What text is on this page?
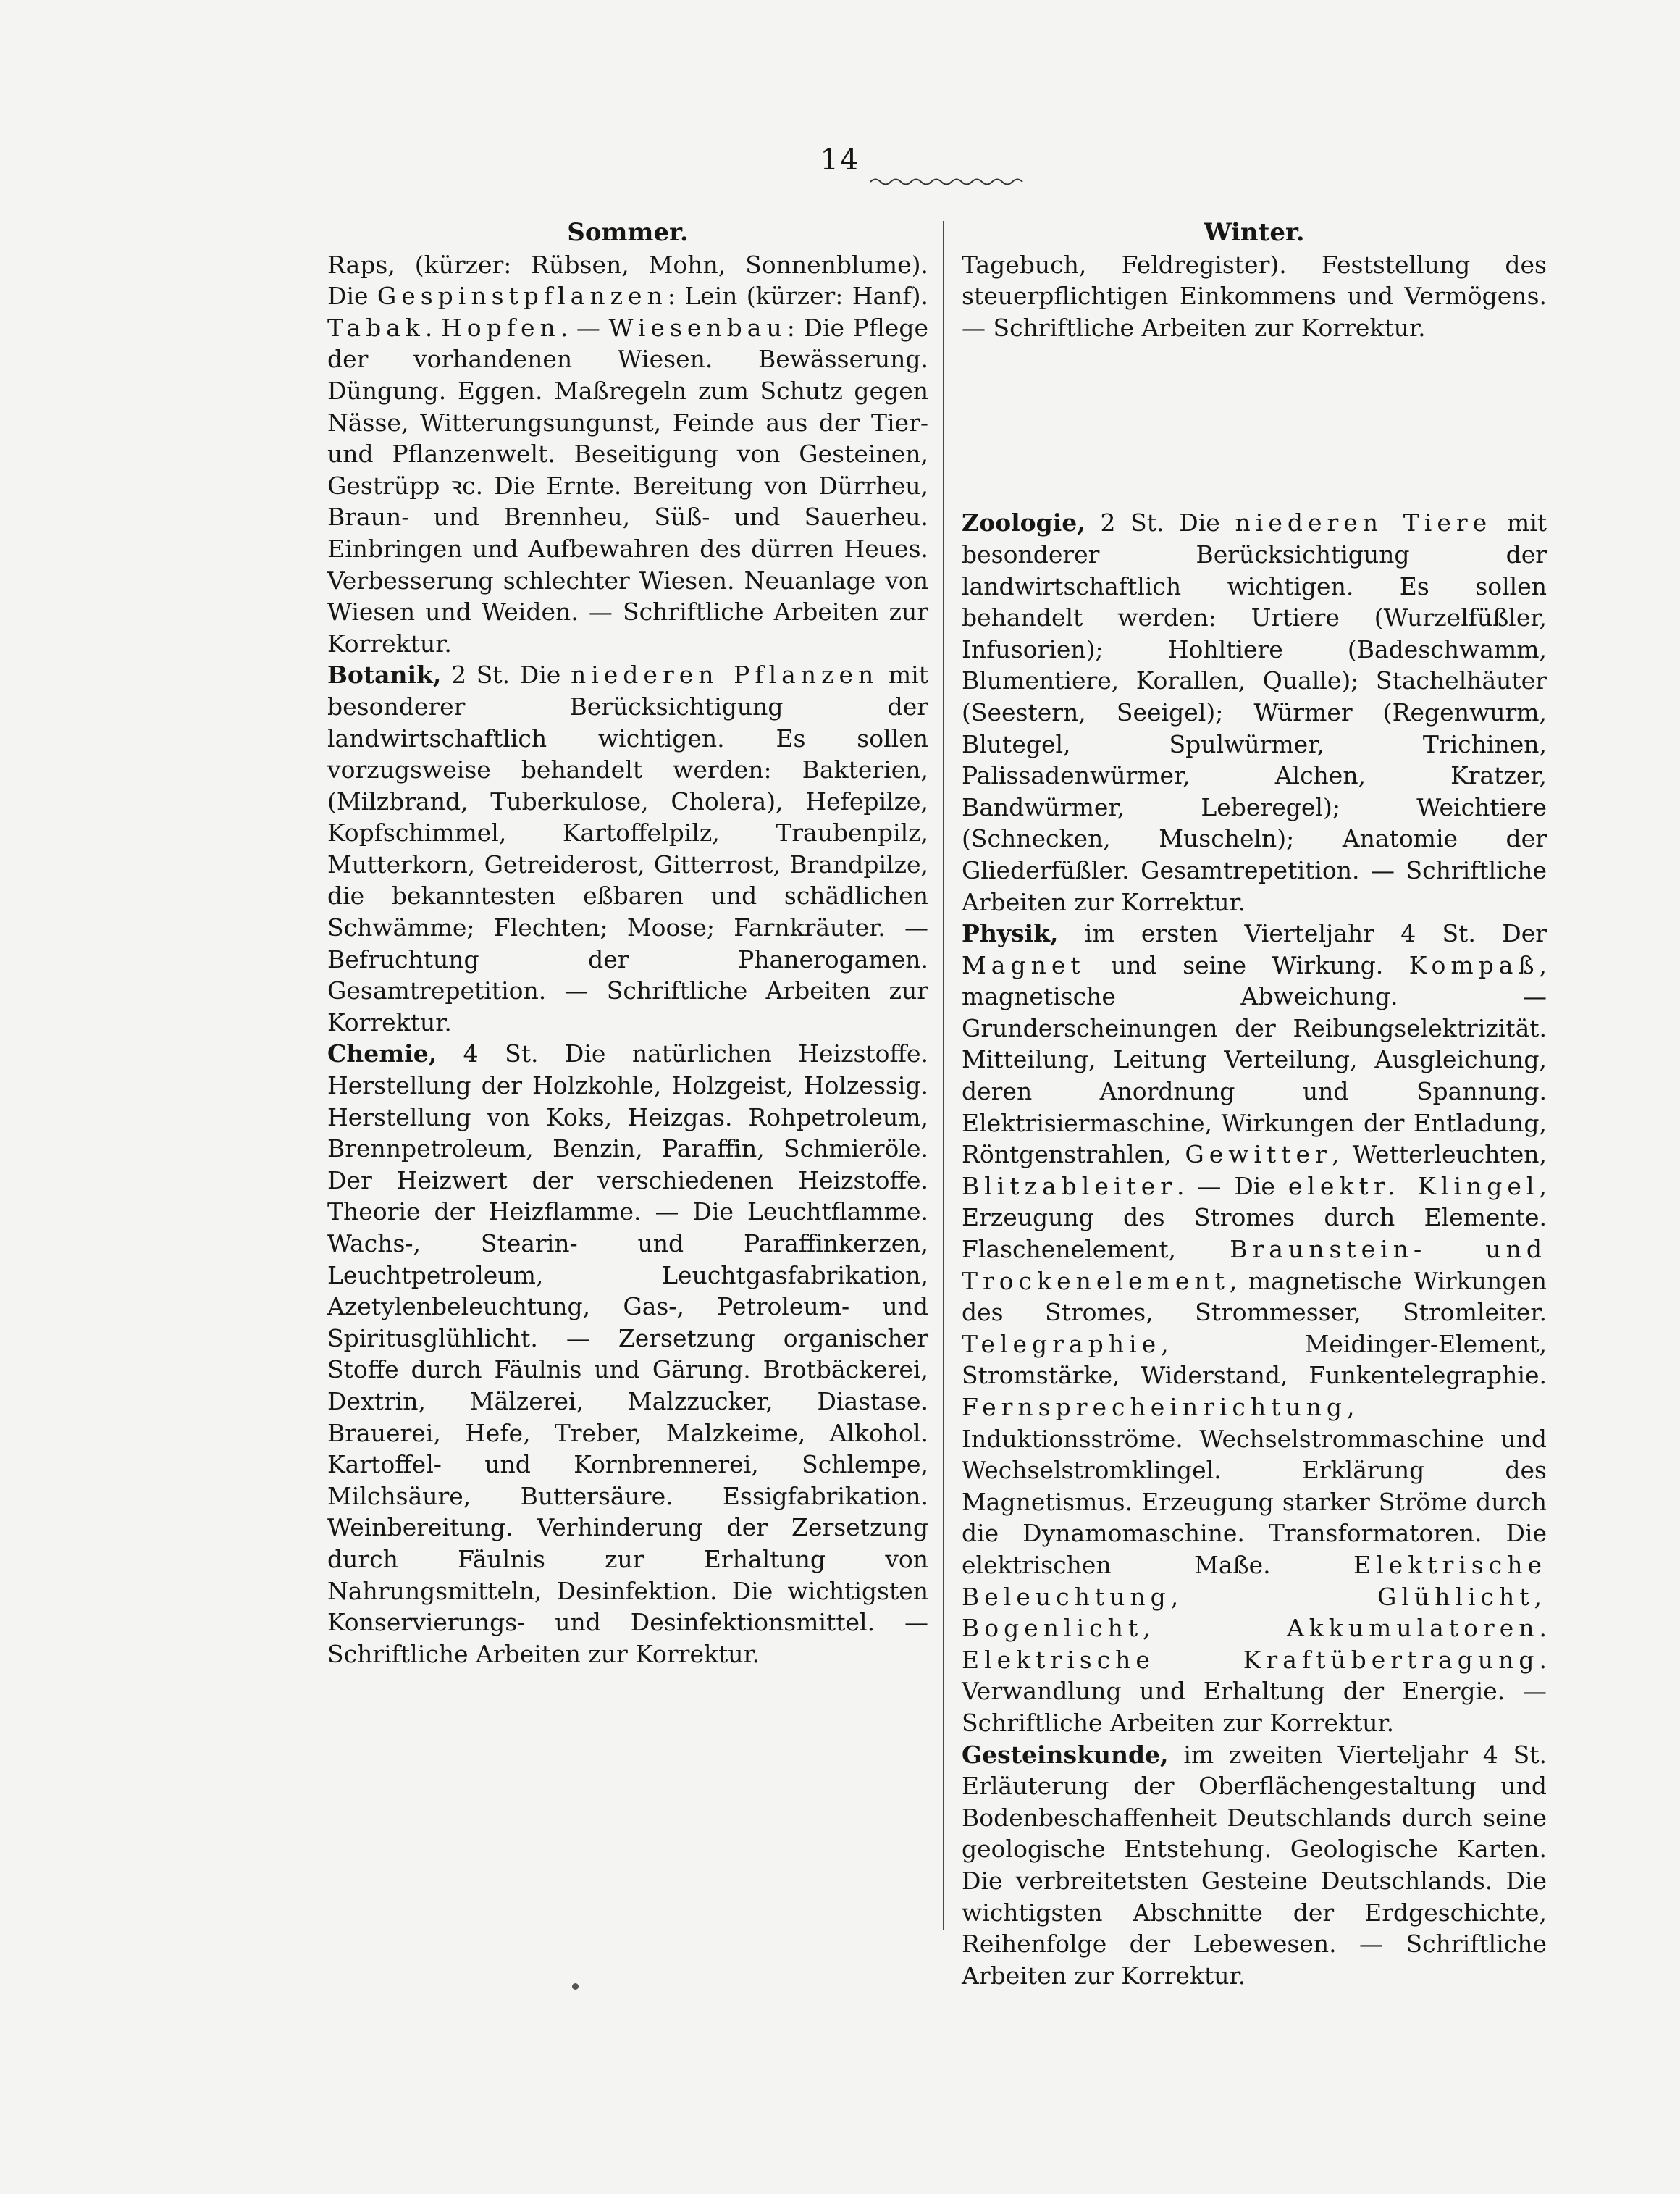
14
Sommer.

Raps, (kürzer: Rübsen, Mohn, Sonnenblume). Die Gespinstpflanzen: Lein (kürzer: Hanf). Tabak. Hopfen. — Wiesenbau: Die Pflege der vorhandenen Wiesen. Bewässerung. Düngung. Eggen. Maßregeln zum Schutz gegen Nässe, Witterungsungunst, Feinde aus der Tier- und Pflanzenwelt. Beseitigung von Gesteinen, Gestrüpp ꝛc. Die Ernte. Bereitung von Dürrheu, Braun- und Brennheu, Süß- und Sauerheu. Einbringen und Aufbewahren des dürren Heues. Verbesserung schlechter Wiesen. Neuanlage von Wiesen und Weiden. — Schriftliche Arbeiten zur Korrektur.

Botanik, 2 St. Die niederen Pflanzen mit besonderer Berücksichtigung der landwirtschaftlich wichtigen. Es sollen vorzugsweise behandelt werden: Bakterien, (Milzbrand, Tuberkulose, Cholera), Hefepilze, Kopfschimmel, Kartoffelpilz, Traubenpilz, Mutterkorn, Getreiderost, Gitterrost, Brandpilze, die bekanntesten eßbaren und schädlichen Schwämme; Flechten; Moose; Farnkräuter. — Befruchtung der Phanerogamen. Gesamtrepetition. — Schriftliche Arbeiten zur Korrektur.

Chemie, 4 St. Die natürlichen Heizstoffe. Herstellung der Holzkohle, Holzgeist, Holzessig. Herstellung von Koks, Heizgas. Rohpetroleum, Brennpetroleum, Benzin, Paraffin, Schmieröle. Der Heizwert der verschiedenen Heizstoffe. Theorie der Heizflamme. — Die Leuchtflamme. Wachs-, Stearin- und Paraffinkerzen, Leuchtpetroleum, Leuchtgasfabrikation, Azetylenbeleuchtung, Gas-, Petroleum- und Spiritusglühlicht. — Zersetzung organischer Stoffe durch Fäulnis und Gärung. Brotbäckerei, Dextrin, Mälzerei, Malzzucker, Diastase. Brauerei, Hefe, Treber, Malzkeime, Alkohol. Kartoffel- und Kornbrennerei, Schlempe, Milchsäure, Buttersäure. Essigfabrikation. Weinbereitung. Verhinderung der Zersetzung durch Fäulnis zur Erhaltung von Nahrungsmitteln, Desinfektion. Die wichtigsten Konservierungs- und Desinfektionsmittel. — Schriftliche Arbeiten zur Korrektur.

Winter.

Tagebuch, Feldregister). Feststellung des steuerpflichtigen Einkommens und Vermögens. — Schriftliche Arbeiten zur Korrektur.

Zoologie, 2 St. Die niederen Tiere mit besonderer Berücksichtigung der landwirtschaftlich wichtigen. Es sollen behandelt werden: Urtiere (Wurzelfüßler, Infusorien); Hohltiere (Badeschwamm, Blumentiere, Korallen, Qualle); Stachelhäuter (Seestern, Seeigel); Würmer (Regenwurm, Blutegel, Spulwürmer, Trichinen, Palissadenwürmer, Alchen, Kratzer, Bandwürmer, Leberegel); Weichtiere (Schnecken, Muscheln); Anatomie der Gliederfüßler. Gesamtrepetition. — Schriftliche Arbeiten zur Korrektur.

Physik, im ersten Vierteljahr 4 St. Der Magnet und seine Wirkung. Kompaß, magnetische Abweichung. — Grunderscheinungen der Reibungselektrizität. Mitteilung, Leitung Verteilung, Ausgleichung, deren Anordnung und Spannung. Elektrisiermaschine, Wirkungen der Entladung, Röntgenstrahlen, Gewitter, Wetterleuchten, Blitzableiter. — Die elektr. Klingel, Erzeugung des Stromes durch Elemente. Flaschenelement, Braunstein- und Trockenelement, magnetische Wirkungen des Stromes, Strommesser, Stromleiter. Telegraphie, Meidinger-Element, Stromstärke, Widerstand, Funkentelegraphie. Fernsprecheinrichtung, Induktionsströme. Wechselstrommaschine und Wechselstromklingel. Erklärung des Magnetismus. Erzeugung starker Ströme durch die Dynamomaschine. Transformatoren. Die elektrischen Maße. Elektrische Beleuchtung, Glühlicht, Bogenlicht, Akkumulatoren. Elektrische Kraftübertragung. Verwandlung und Erhaltung der Energie. — Schriftliche Arbeiten zur Korrektur.

Gesteinskunde, im zweiten Vierteljahr 4 St. Erläuterung der Oberflächengestaltung und Bodenbeschaffenheit Deutschlands durch seine geologische Entstehung. Geologische Karten. Die verbreitetsten Gesteine Deutschlands. Die wichtigsten Abschnitte der Erdgeschichte, Reihenfolge der Lebewesen. — Schriftliche Arbeiten zur Korrektur.
